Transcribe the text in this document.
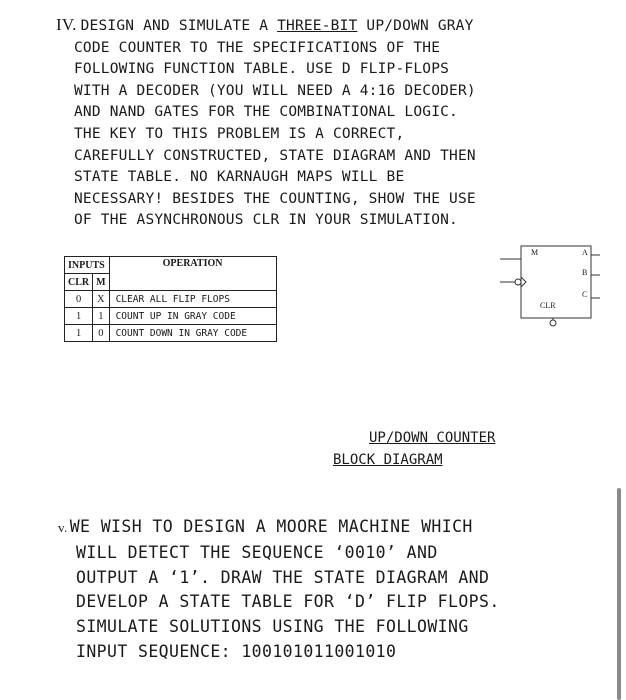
IV. DESIGN AND SIMULATE A THREE-BIT UP/DOWN GRAY
CODE COUNTER TO THE SPECIFICATIONS OF THE
FOLLOWING FUNCTION TABLE. USE D FLIP-FLOPS
WITH A DECODER (YOU WILL NEED A 4:16 DECODER)
AND NAND GATES FOR THE COMBINATIONAL LOGIC.
THE KEY TO THIS PROBLEM IS A CORRECT,
CAREFULLY CONSTRUCTED, STATE DIAGRAM AND THEN
STATE TABLE. NO KARNAUGH MAPS WILL BE
NECESSARY! BESIDES THE COUNTING, SHOW THE USE
OF THE ASYNCHRONOUS CLR IN YOUR SIMULATION.
INPUTS		OPERATION
CLR	M	
0	X	CLEAR ALL FLIP FLOPS
1	1	COUNT UP IN GRAY CODE
1	0	COUNT DOWN IN GRAY CODE
M
CLR
A
B
C
UP/DOWN COUNTER
BLOCK DIAGRAM
v. WE WISH TO DESIGN A MOORE MACHINE WHICH
WILL DETECT THE SEQUENCE ‘0010’ AND
OUTPUT A ‘1’. DRAW THE STATE DIAGRAM AND
DEVELOP A STATE TABLE FOR ‘D’ FLIP FLOPS.
SIMULATE SOLUTIONS USING THE FOLLOWING
INPUT SEQUENCE: 100101011001010
